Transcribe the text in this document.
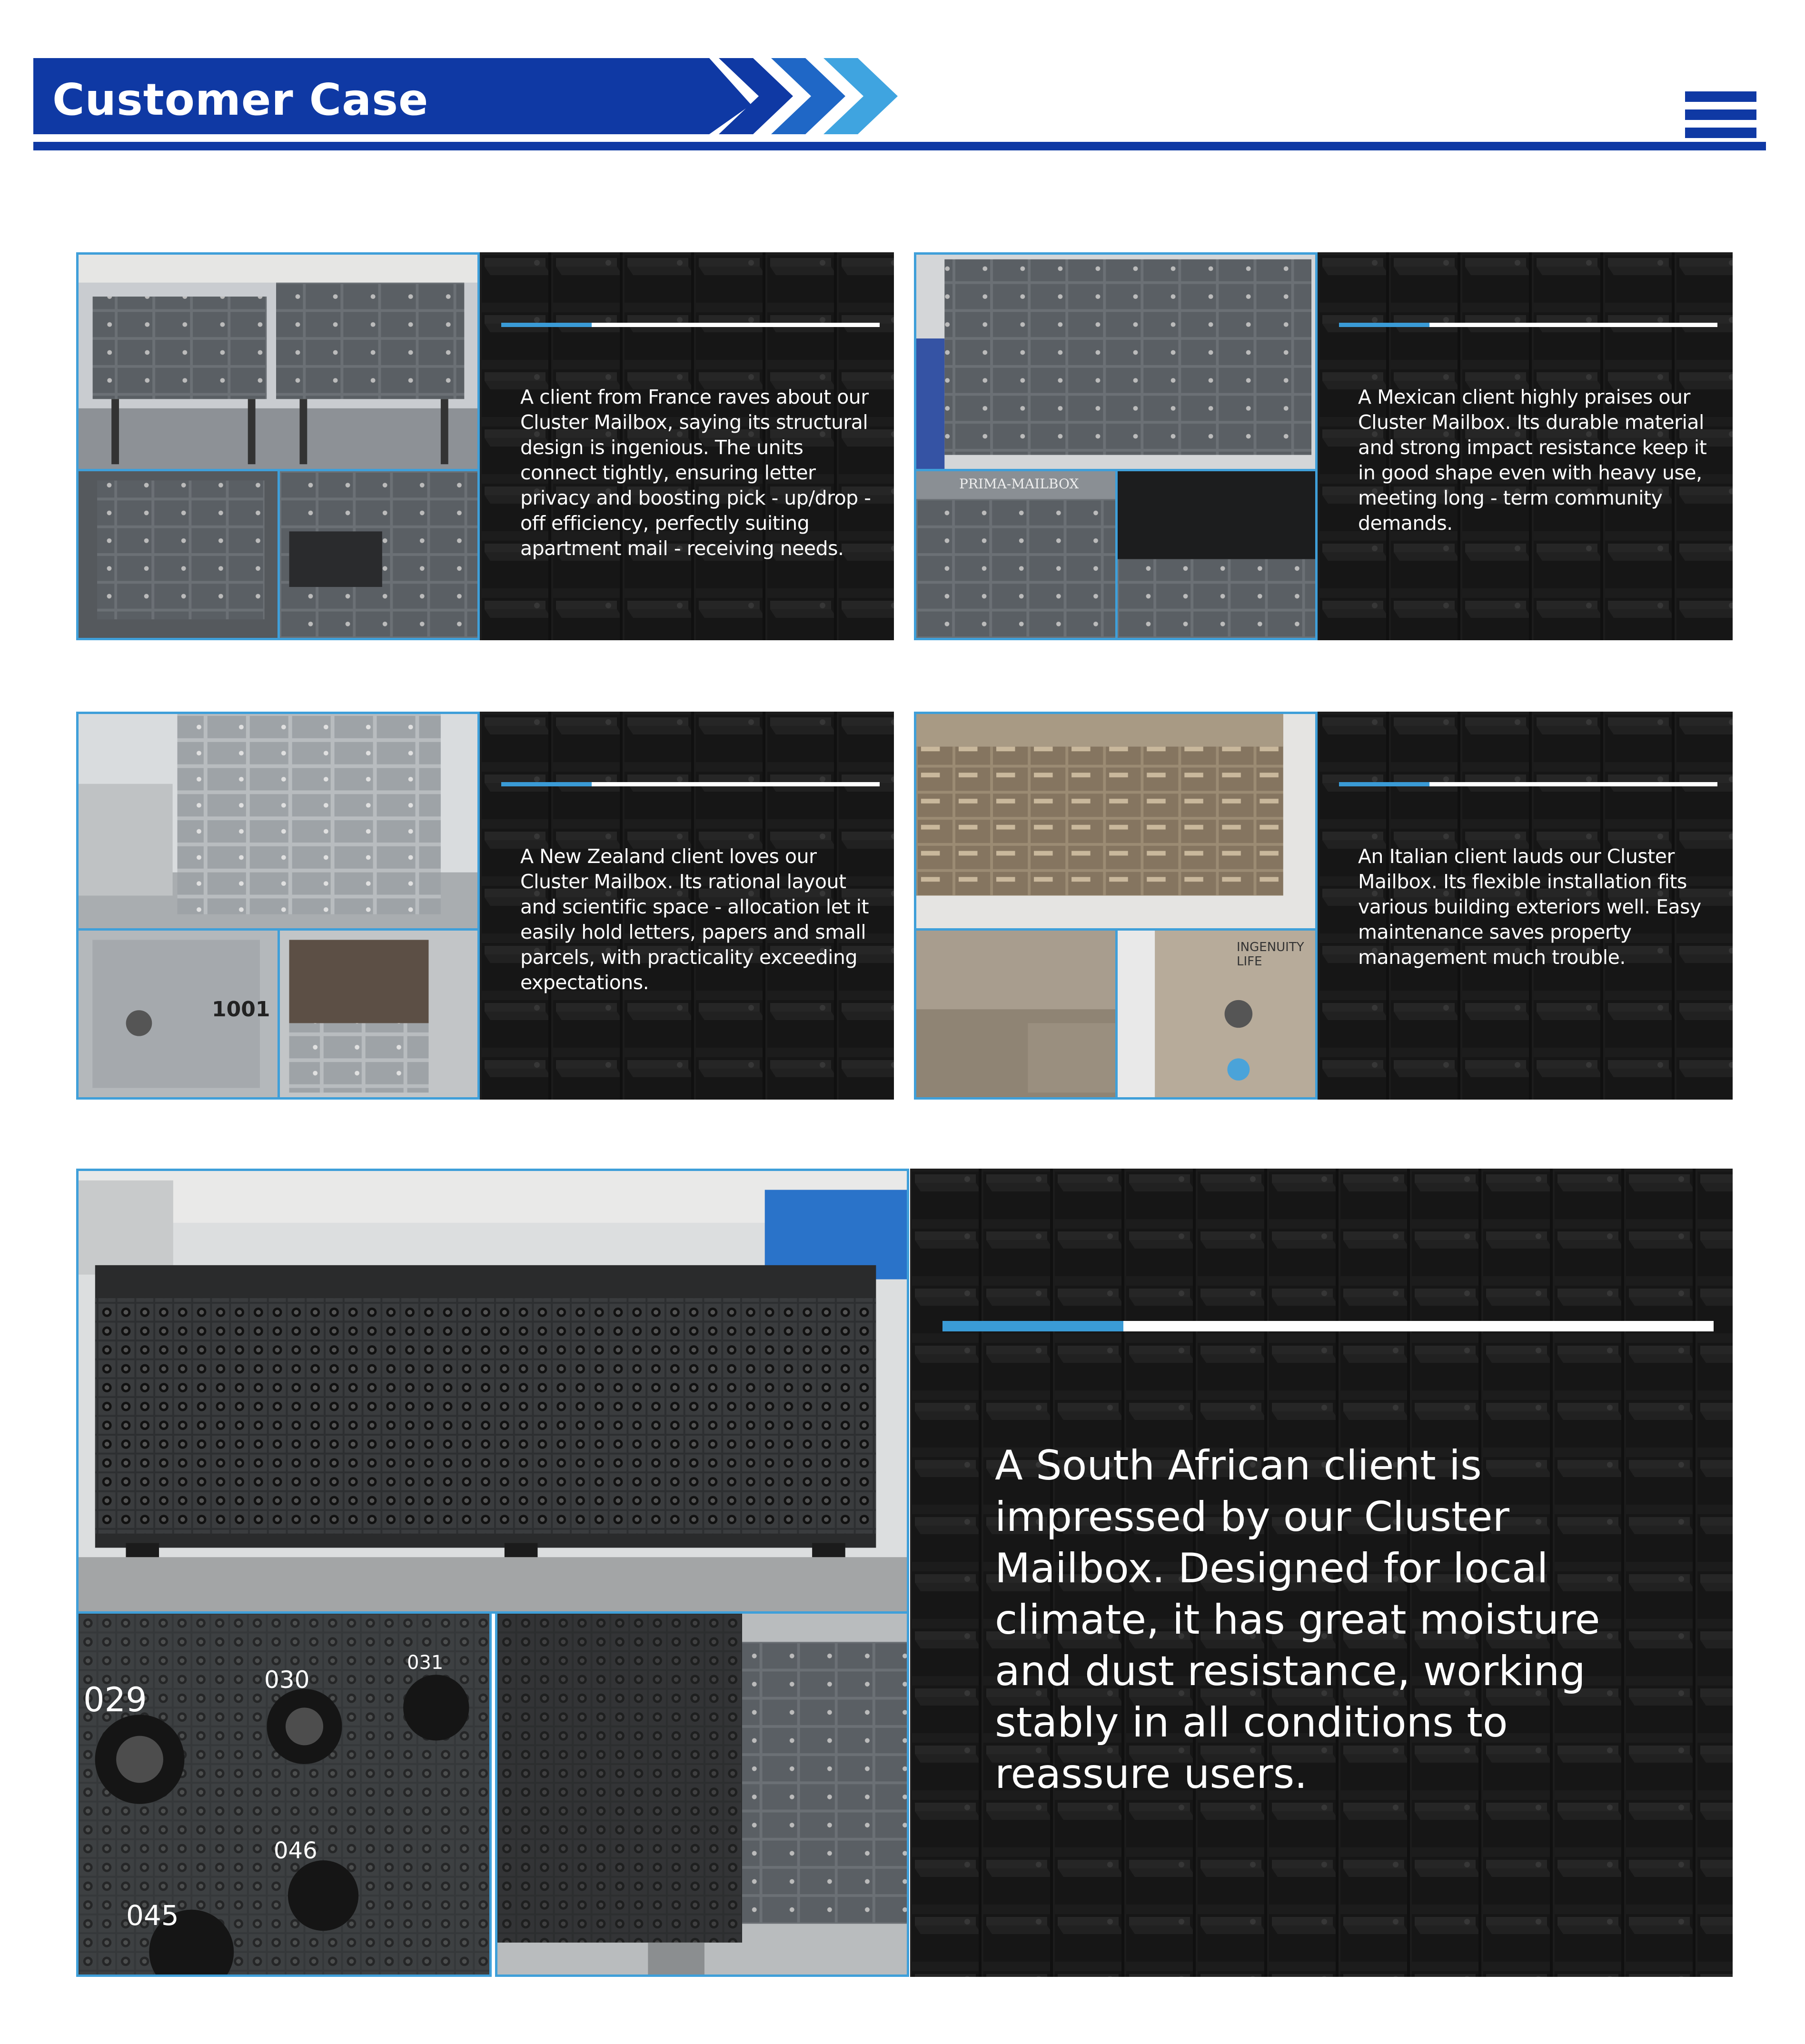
Customer Case
A client from France raves about our Cluster Mailbox, saying its structural design is ingenious. The units connect tightly, ensuring letter privacy and boosting pick - up/drop - off efficiency, perfectly suiting apartment mail - receiving needs.
PRIMA-MAILBOX
A Mexican client highly praises our Cluster Mailbox. Its durable material and strong impact resistance keep it in good shape even with heavy use, meeting long - term community demands.
1001
A New Zealand client loves our Cluster Mailbox. Its rational layout and scientific space - allocation let it easily hold letters, papers and small parcels, with practicality exceeding expectations.
INGENUITY LIFE
An Italian client lauds our Cluster Mailbox. Its flexible installation fits various building exteriors well. Easy maintenance saves property management much trouble.
029
030
031
045
046
A South African client is impressed by our Cluster Mailbox. Designed for local climate, it has great moisture and dust resistance, working stably in all conditions to reassure users.
